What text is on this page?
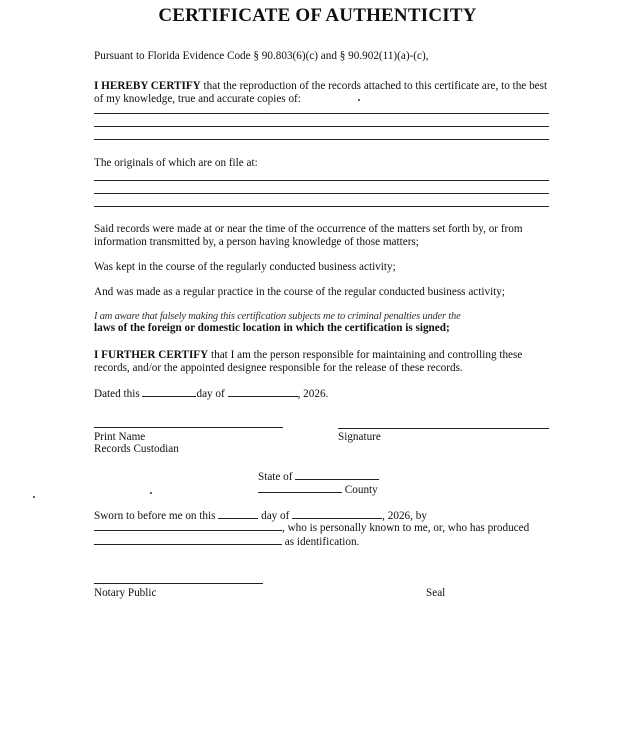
CERTIFICATE OF AUTHENTICITY
Pursuant to Florida Evidence Code § 90.803(6)(c) and § 90.902(11)(a)-(c),
I HEREBY CERTIFY that the reproduction of the records attached to this certificate are, to the best of my knowledge, true and accurate copies of:
The originals of which are on file at:
Said records were made at or near the time of the occurrence of the matters set forth by, or from information transmitted by, a person having knowledge of those matters;
Was kept in the course of the regularly conducted business activity;
And was made as a regular practice in the course of the regular conducted business activity;
I am aware that falsely making this certification subjects me to criminal penalties under the
laws of the foreign or domestic location in which the certification is signed;
I FURTHER CERTIFY that I am the person responsible for maintaining and controlling these records, and/or the appointed designee responsible for the release of these records.
Dated this	day of	, 2026.
Print Name
Records Custodian
Signature
State of
County
Sworn to before me on this	day of	, 2026, by
, who is personally known to me, or, who has produced
as identification.
Notary Public	Seal
